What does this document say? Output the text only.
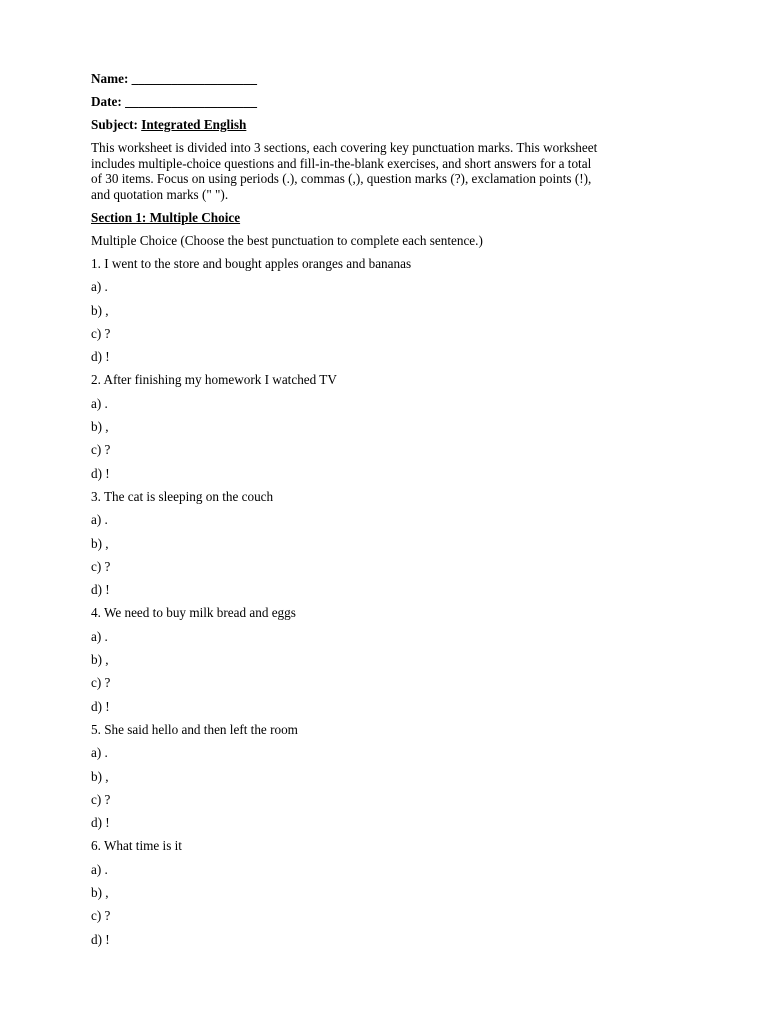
Name: ___________________
Date: ____________________
Subject: Integrated English
This worksheet is divided into 3 sections, each covering key punctuation marks. This worksheet
includes multiple-choice questions and fill-in-the-blank exercises, and short answers for a total
of 30 items. Focus on using periods (.), commas (,), question marks (?), exclamation points (!),
and quotation marks (" ").
Section 1: Multiple Choice
Multiple Choice (Choose the best punctuation to complete each sentence.)
1. I went to the store and bought apples oranges and bananas
a) .
b) ,
c) ?
d) !
2. After finishing my homework I watched TV
a) .
b) ,
c) ?
d) !
3. The cat is sleeping on the couch
a) .
b) ,
c) ?
d) !
4. We need to buy milk bread and eggs
a) .
b) ,
c) ?
d) !
5. She said hello and then left the room
a) .
b) ,
c) ?
d) !
6. What time is it
a) .
b) ,
c) ?
d) !
